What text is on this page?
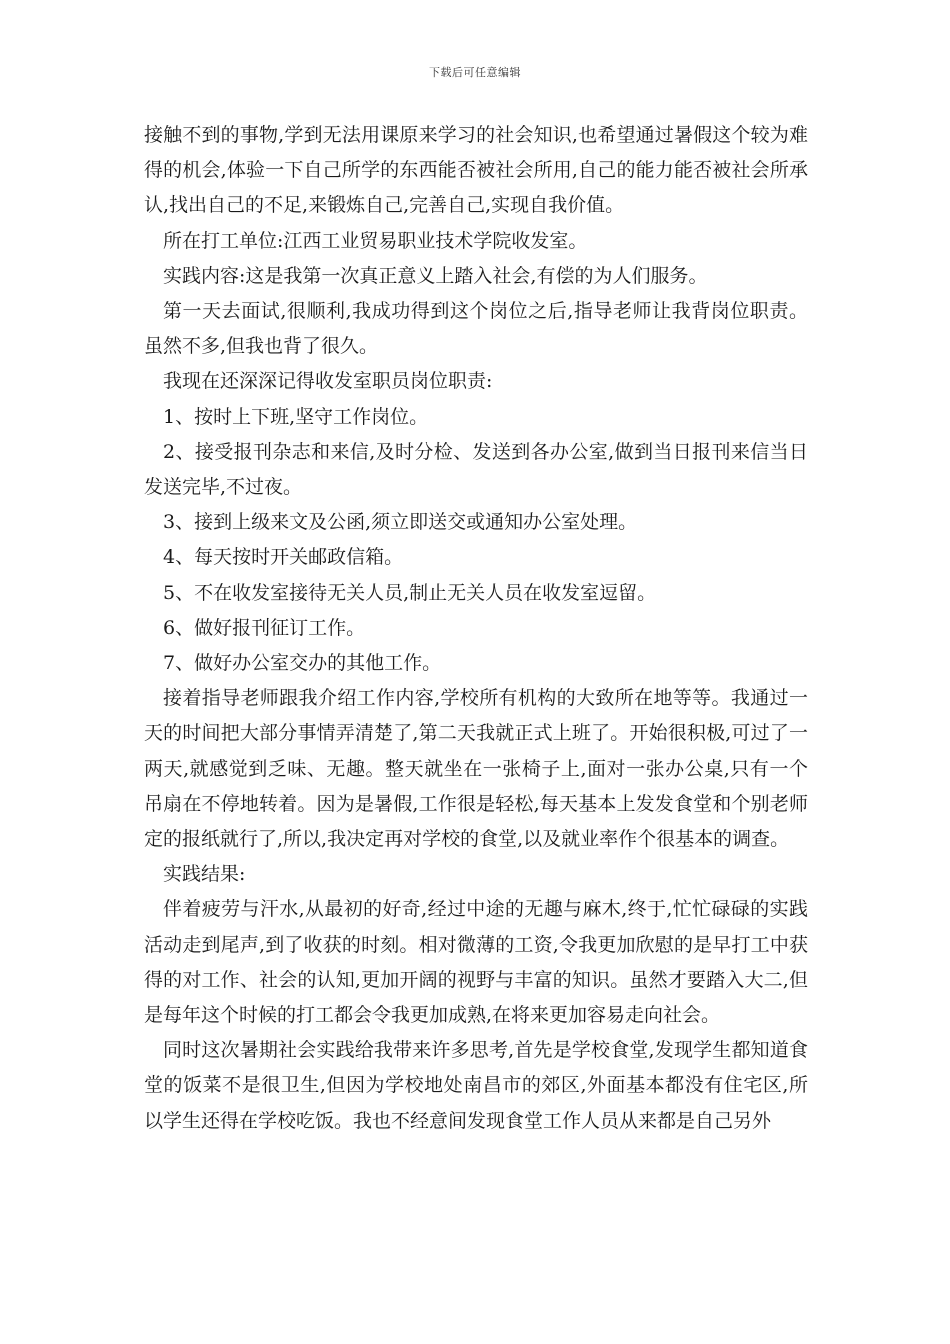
下载后可任意编辑

接触不到的事物,学到无法用课原来学习的社会知识,也希望通过暑假这个较为难得的机会,体验一下自己所学的东西能否被社会所用,自己的能力能否被社会所承认,找出自己的不足,来锻炼自己,完善自己,实现自我价值。

所在打工单位:江西工业贸易职业技术学院收发室。

实践内容:这是我第一次真正意义上踏入社会,有偿的为人们服务。

第一天去面试,很顺利,我成功得到这个岗位之后,指导老师让我背岗位职责。虽然不多,但我也背了很久。

我现在还深深记得收发室职员岗位职责:

1、按时上下班,坚守工作岗位。

2、接受报刊杂志和来信,及时分检、发送到各办公室,做到当日报刊来信当日发送完毕,不过夜。

3、接到上级来文及公函,须立即送交或通知办公室处理。

4、每天按时开关邮政信箱。

5、不在收发室接待无关人员,制止无关人员在收发室逗留。

6、做好报刊征订工作。

7、做好办公室交办的其他工作。

接着指导老师跟我介绍工作内容,学校所有机构的大致所在地等等。我通过一天的时间把大部分事情弄清楚了,第二天我就正式上班了。开始很积极,可过了一两天,就感觉到乏味、无趣。整天就坐在一张椅子上,面对一张办公桌,只有一个吊扇在不停地转着。因为是暑假,工作很是轻松,每天基本上发发食堂和个别老师定的报纸就行了,所以,我决定再对学校的食堂,以及就业率作个很基本的调查。

实践结果:

伴着疲劳与汗水,从最初的好奇,经过中途的无趣与麻木,终于,忙忙碌碌的实践活动走到尾声,到了收获的时刻。相对微薄的工资,令我更加欣慰的是早打工中获得的对工作、社会的认知,更加开阔的视野与丰富的知识。虽然才要踏入大二,但是每年这个时候的打工都会令我更加成熟,在将来更加容易走向社会。

同时这次暑期社会实践给我带来许多思考,首先是学校食堂,发现学生都知道食堂的饭菜不是很卫生,但因为学校地处南昌市的郊区,外面基本都没有住宅区,所以学生还得在学校吃饭。我也不经意间发现食堂工作人员从来都是自己另外
